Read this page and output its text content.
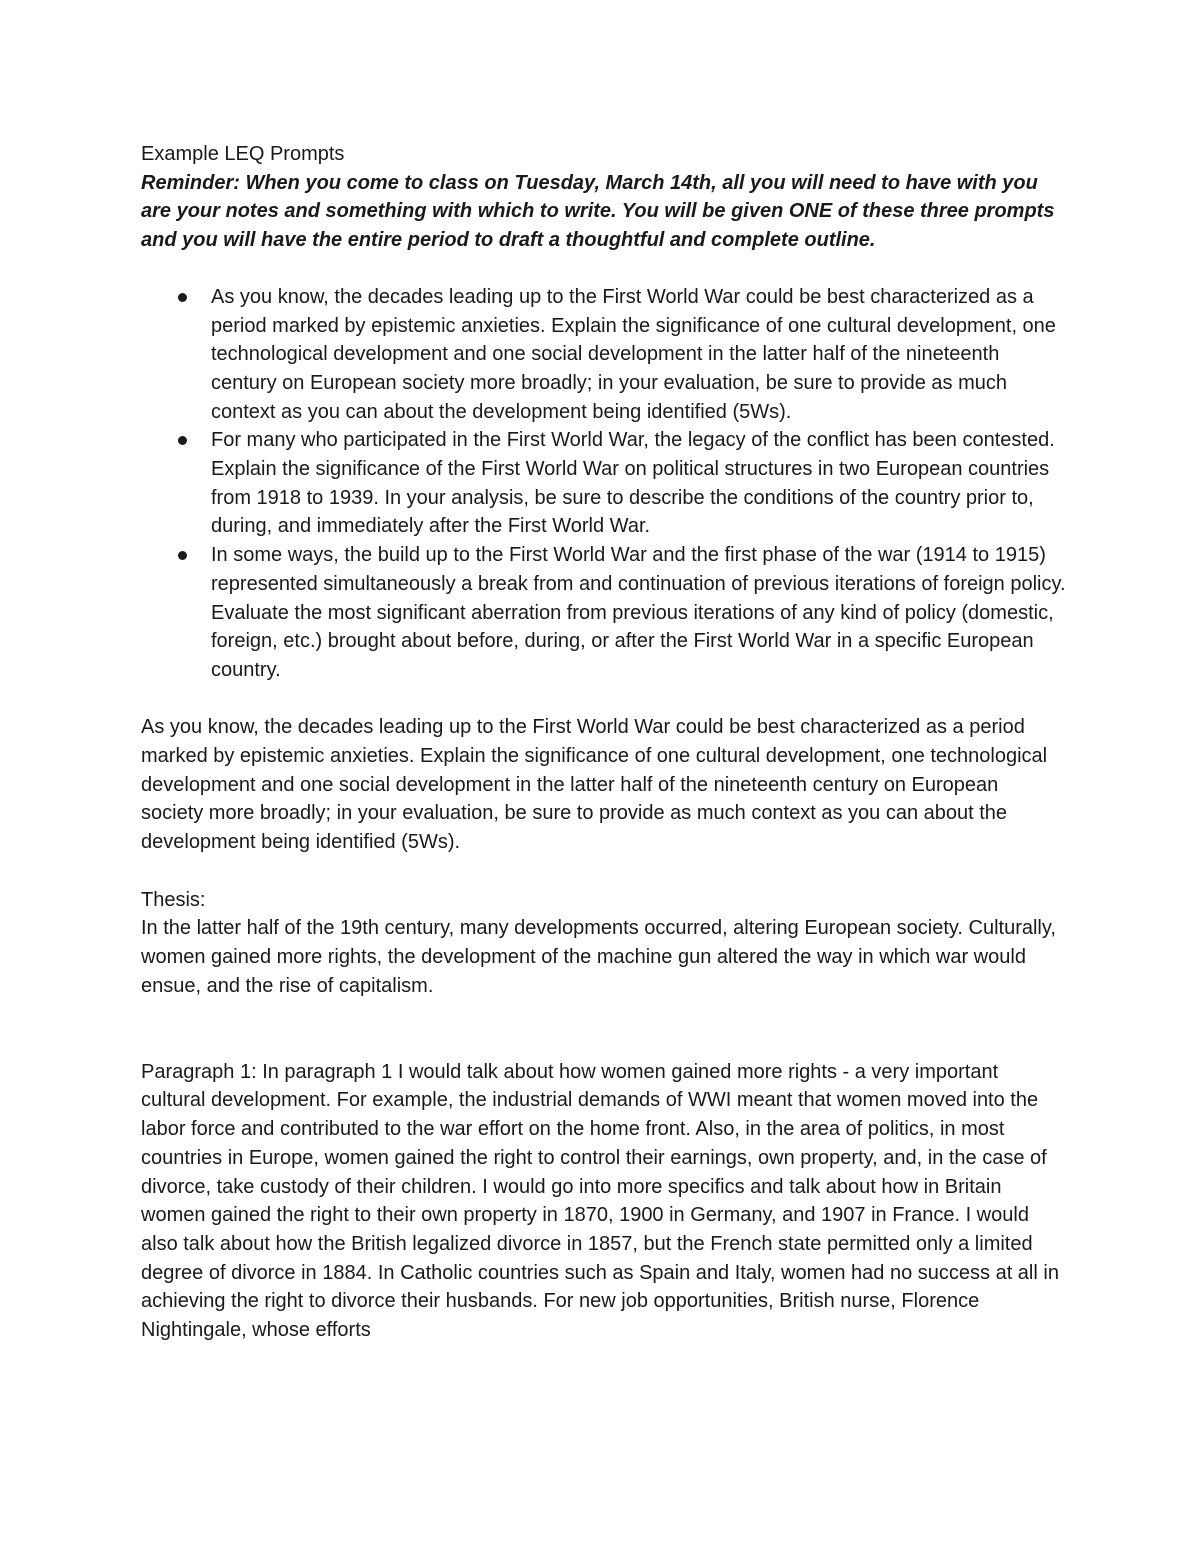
Example LEQ Prompts

Reminder: When you come to class on Tuesday, March 14th, all you will need to have with you are your notes and something with which to write. You will be given ONE of these three prompts and you will have the entire period to draft a thoughtful and complete outline.

As you know, the decades leading up to the First World War could be best characterized as a period marked by epistemic anxieties. Explain the significance of one cultural development, one technological development and one social development in the latter half of the nineteenth century on European society more broadly; in your evaluation, be sure to provide as much context as you can about the development being identified (5Ws).
For many who participated in the First World War, the legacy of the conflict has been contested. Explain the significance of the First World War on political structures in two European countries from 1918 to 1939. In your analysis, be sure to describe the conditions of the country prior to, during, and immediately after the First World War.
In some ways, the build up to the First World War and the first phase of the war (1914 to 1915) represented simultaneously a break from and continuation of previous iterations of foreign policy. Evaluate the most significant aberration from previous iterations of any kind of policy (domestic, foreign, etc.) brought about before, during, or after the First World War in a specific European country.

As you know, the decades leading up to the First World War could be best characterized as a period marked by epistemic anxieties. Explain the significance of one cultural development, one technological development and one social development in the latter half of the nineteenth century on European society more broadly; in your evaluation, be sure to provide as much context as you can about the development being identified (5Ws).

Thesis:

In the latter half of the 19th century, many developments occurred, altering European society. Culturally, women gained more rights, the development of the machine gun altered the way in which war would ensue, and the rise of capitalism.

Paragraph 1: In paragraph 1 I would talk about how women gained more rights - a very important cultural development. For example, the industrial demands of WWI meant that women moved into the labor force and contributed to the war effort on the home front. Also, in the area of politics, in most countries in Europe, women gained the right to control their earnings, own property, and, in the case of divorce, take custody of their children. I would go into more specifics and talk about how in Britain women gained the right to their own property in 1870, 1900 in Germany, and 1907 in France. I would also talk about how the British legalized divorce in 1857, but the French state permitted only a limited degree of divorce in 1884. In Catholic countries such as Spain and Italy, women had no success at all in achieving the right to divorce their husbands. For new job opportunities, British nurse, Florence Nightingale, whose efforts
